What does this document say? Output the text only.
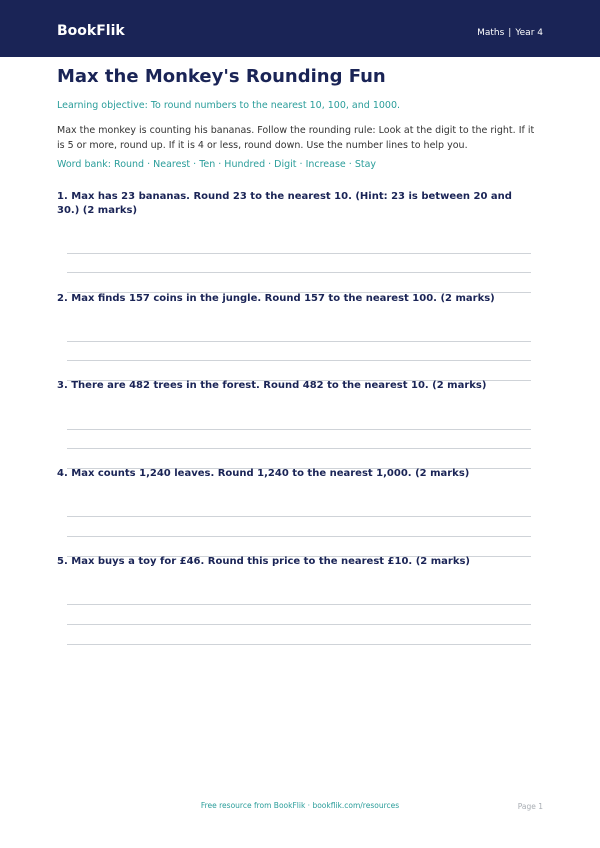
BookFlik	Maths | Year 4
Max the Monkey's Rounding Fun
Learning objective: To round numbers to the nearest 10, 100, and 1000.
Max the monkey is counting his bananas. Follow the rounding rule: Look at the digit to the right. If it is 5 or more, round up. If it is 4 or less, round down. Use the number lines to help you.
Word bank: Round · Nearest · Ten · Hundred · Digit · Increase · Stay
1. Max has 23 bananas. Round 23 to the nearest 10. (Hint: 23 is between 20 and 30.) (2 marks)
2. Max finds 157 coins in the jungle. Round 157 to the nearest 100. (2 marks)
3. There are 482 trees in the forest. Round 482 to the nearest 10. (2 marks)
4. Max counts 1,240 leaves. Round 1,240 to the nearest 1,000. (2 marks)
5. Max buys a toy for £46. Round this price to the nearest £10. (2 marks)
Free resource from BookFlik · bookflik.com/resources	Page 1
